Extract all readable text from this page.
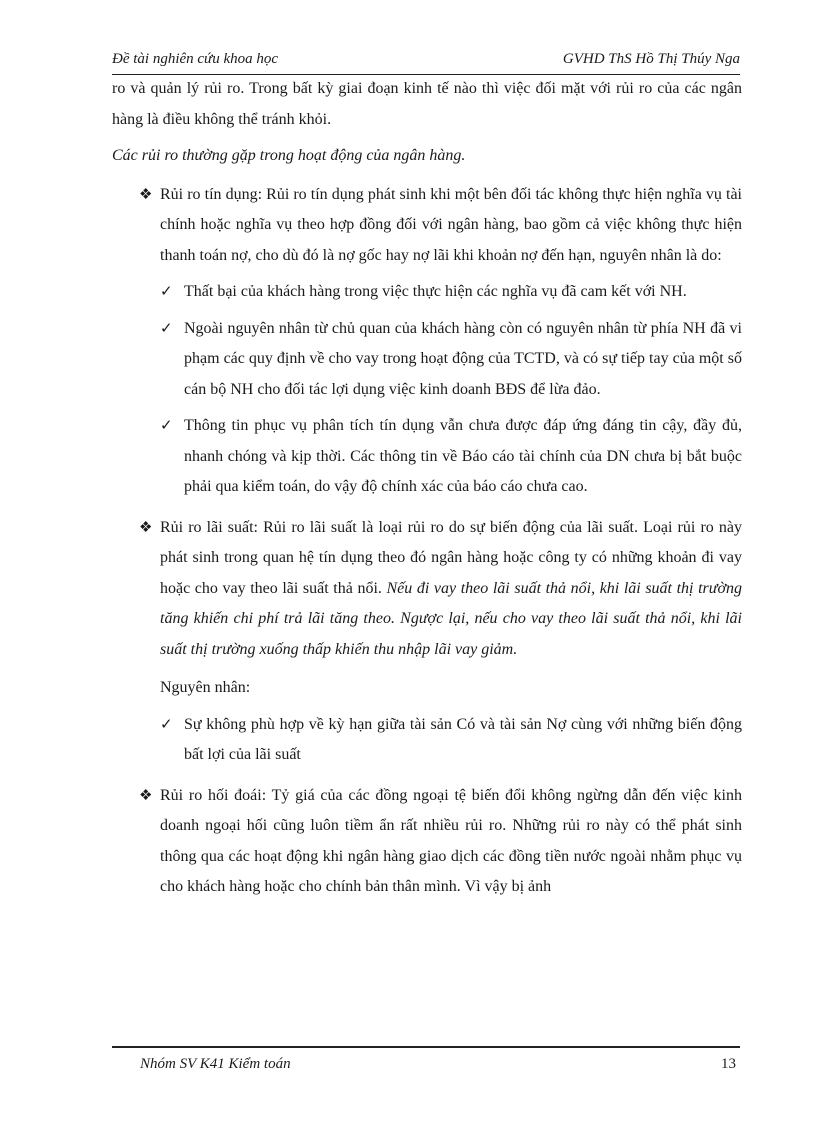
Đề tài nghiên cứu khoa học	GVHD ThS Hồ Thị Thúy Nga

ro và quản lý rủi ro. Trong bất kỳ giai đoạn kinh tế nào thì việc đối mặt với rủi ro của các ngân hàng là điều không thể tránh khỏi.

Các rủi ro thường gặp trong hoạt động của ngân hàng.

❖ Rủi ro tín dụng: Rủi ro tín dụng phát sinh khi một bên đối tác không thực hiện nghĩa vụ tài chính hoặc nghĩa vụ theo hợp đồng đối với ngân hàng, bao gồm cả việc không thực hiện thanh toán nợ, cho dù đó là nợ gốc hay nợ lãi khi khoản nợ đến hạn, nguyên nhân là do:
✓ Thất bại của khách hàng trong việc thực hiện các nghĩa vụ đã cam kết với NH.
✓ Ngoài nguyên nhân từ chủ quan của khách hàng còn có nguyên nhân từ phía NH đã vi phạm các quy định về cho vay trong hoạt động của TCTD, và có sự tiếp tay của một số cán bộ NH cho đối tác lợi dụng việc kinh doanh BĐS để lừa đảo.
✓ Thông tin phục vụ phân tích tín dụng vẫn chưa được đáp ứng đáng tin cậy, đầy đủ, nhanh chóng và kịp thời. Các thông tin về Báo cáo tài chính của DN chưa bị bắt buộc phải qua kiểm toán, do vậy độ chính xác của báo cáo chưa cao.
❖ Rủi ro lãi suất: Rủi ro lãi suất là loại rủi ro do sự biến động của lãi suất. Loại rủi ro này phát sinh trong quan hệ tín dụng theo đó ngân hàng hoặc công ty có những khoản đi vay hoặc cho vay theo lãi suất thả nổi. Nếu đi vay theo lãi suất thả nổi, khi lãi suất thị trường tăng khiến chi phí trả lãi tăng theo. Ngược lại, nếu cho vay theo lãi suất thả nổi, khi lãi suất thị trường xuống thấp khiến thu nhập lãi vay giảm.

Nguyên nhân:

✓ Sự không phù hợp về kỳ hạn giữa tài sản Có và tài sản Nợ cùng với những biến động bất lợi của lãi suất
❖ Rủi ro hối đoái: Tỷ giá của các đồng ngoại tệ biến đổi không ngừng dẫn đến việc kinh doanh ngoại hối cũng luôn tiềm ẩn rất nhiều rủi ro. Những rủi ro này có thể phát sinh thông qua các hoạt động khi ngân hàng giao dịch các đồng tiền nước ngoài nhằm phục vụ cho khách hàng hoặc cho chính bản thân mình. Vì vậy bị ảnh
Nhóm SV K41 Kiểm toán	13
